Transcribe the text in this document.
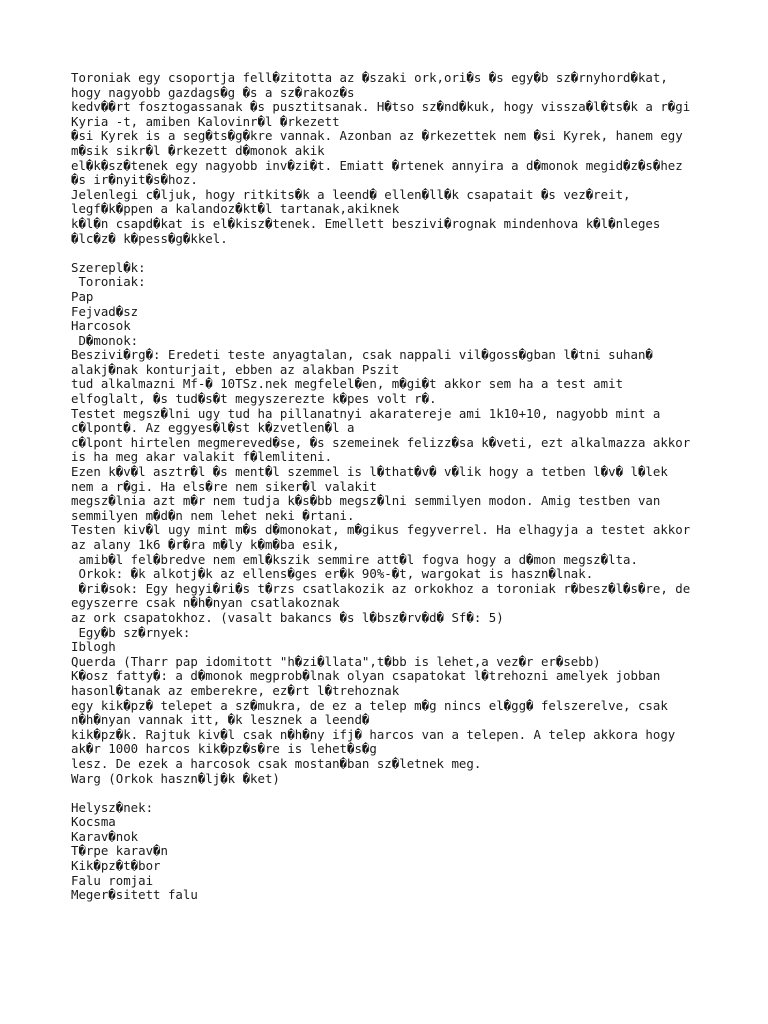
Toroniak egy csoportja fell�zitotta az �szaki ork,ori�s �s egy�b sz�rnyhord�kat,
hogy nagyobb gazdags�g �s a sz�rakoz�s
kedv��rt fosztogassanak �s pusztitsanak. H�tso sz�nd�kuk, hogy vissza�l�ts�k a r�gi
Kyria -t, amiben Kalovinr�l �rkezett
�si Kyrek is a seg�ts�g�kre vannak. Azonban az �rkezettek nem �si Kyrek, hanem egy
m�sik sikr�l �rkezett d�monok akik
el�k�sz�tenek egy nagyobb inv�zi�t. Emiatt �rtenek annyira a d�monok megid�z�s�hez
�s ir�nyit�s�hoz.
Jelenlegi c�ljuk, hogy ritkits�k a leend� ellen�ll�k csapatait �s vez�reit,
legf�k�ppen a kalandoz�kt�l tartanak,akiknek
k�l�n csapd�kat is el�kisz�tenek. Emellett beszivi�rognak mindenhova k�l�nleges
�lc�z� k�pess�g�kkel.

Szerepl�k:
Toroniak:
Pap
Fejvad�sz
Harcosok
D�monok:
Beszivi�rg�: Eredeti teste anyagtalan, csak nappali vil�goss�gban l�tni suhan�
alakj�nak konturjait, ebben az alakban Pszit
tud alkalmazni Mf-� 10TSz.nek megfelel�en, m�gi�t akkor sem ha a test amit
elfoglalt, �s tud�s�t megyszerezte k�pes volt r�.
Testet megsz�lni ugy tud ha pillanatnyi akaratereje ami 1k10+10, nagyobb mint a
c�lpont�. Az eggyes�l�st k�zvetlen�l a
c�lpont hirtelen megmereved�se, �s szemeinek felizz�sa k�veti, ezt alkalmazza akkor
is ha meg akar valakit f�lemliteni.
Ezen k�v�l asztr�l �s ment�l szemmel is l�that�v� v�lik hogy a tetben l�v� l�lek
nem a r�gi. Ha els�re nem siker�l valakit
megsz�lnia azt m�r nem tudja k�s�bb megsz�lni semmilyen modon. Amig testben van
semmilyen m�d�n nem lehet neki �rtani.
Testen kiv�l ugy mint m�s d�monokat, m�gikus fegyverrel. Ha elhagyja a testet akkor
az alany 1k6 �r�ra m�ly k�m�ba esik,
amib�l fel�bredve nem eml�kszik semmire att�l fogva hogy a d�mon megsz�lta.
Orkok: �k alkotj�k az ellens�ges er�k 90%-�t, wargokat is haszn�lnak.
�ri�sok: Egy hegyi�ri�s t�rzs csatlakozik az orkokhoz a toroniak r�besz�l�s�re, de
egyszerre csak n�h�nyan csatlakoznak
az ork csapatokhoz. (vasalt bakancs �s l�bsz�rv�d� Sf�: 5)
Egy�b sz�rnyek:
Iblogh
Querda (Tharr pap idomitott "h�zi�llata",t�bb is lehet,a vez�r er�sebb)
K�osz fatty�: a d�monok megprob�lnak olyan csapatokat l�trehozni amelyek jobban
hasonl�tanak az emberekre, ez�rt l�trehoznak
egy kik�pz� telepet a sz�mukra, de ez a telep m�g nincs el�gg� felszerelve, csak
n�h�nyan vannak itt, �k lesznek a leend�
kik�pz�k. Rajtuk kiv�l csak n�h�ny ifj� harcos van a telepen. A telep akkora hogy
ak�r 1000 harcos kik�pz�s�re is lehet�s�g
lesz. De ezek a harcosok csak mostan�ban sz�letnek meg.
Warg (Orkok haszn�lj�k �ket)

Helysz�nek:
Kocsma
Karav�nok
T�rpe karav�n
Kik�pz�t�bor
Falu romjai
Meger�sitett falu
